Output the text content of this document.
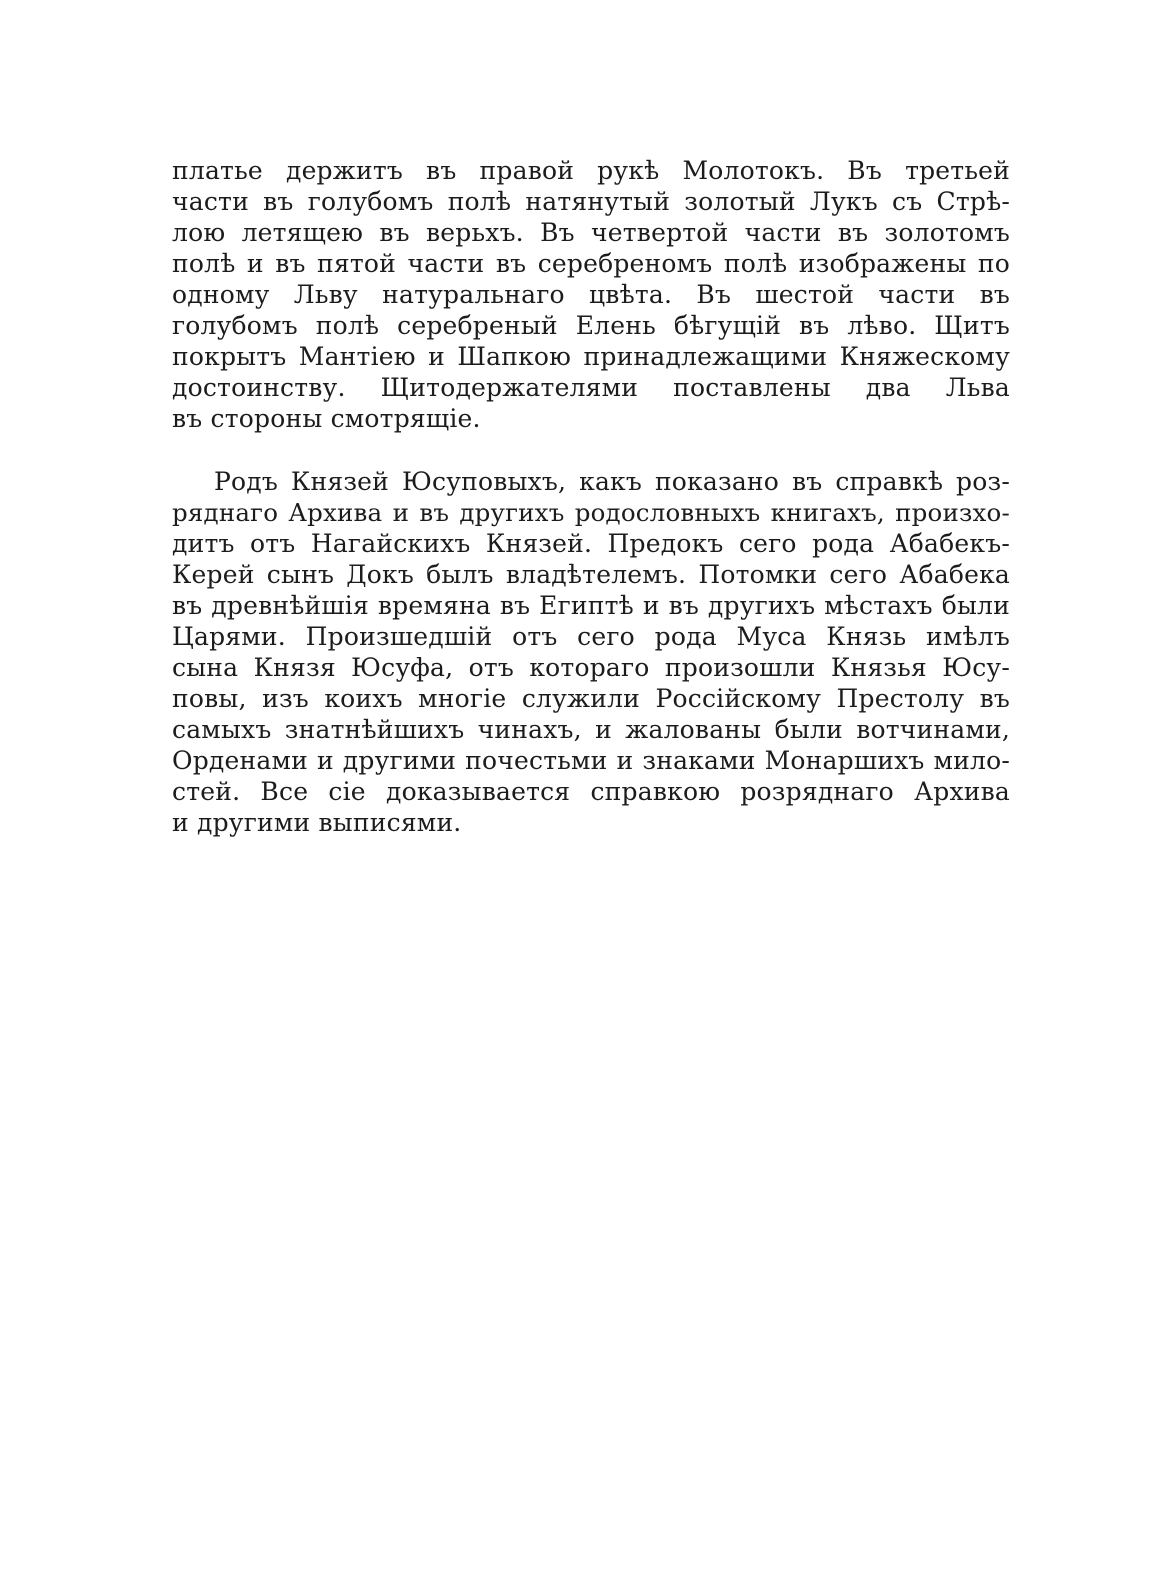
платье держитъ въ правой рукѣ Молотокъ. Въ третьей
части въ голубомъ полѣ натянутый золотый Лукъ съ Стрѣ-
лою летящею въ верьхъ. Въ четвертой части въ золотомъ
полѣ и въ пятой части въ серебреномъ полѣ изображены по
одному Льву натуральнаго цвѣта. Въ шестой части въ
голубомъ полѣ серебреный Елень бѣгущій въ лѣво. Щитъ
покрытъ Мантіею и Шапкою принадлежащими Княжескому
достоинству. Щитодержателями поставлены два Льва
въ стороны смотрящіе.
Родъ Князей Юсуповыхъ, какъ показано въ справкѣ роз-
ряднаго Архива и въ другихъ родословныхъ книгахъ, произхо-
дитъ отъ Нагайскихъ Князей. Предокъ сего рода Абабекъ-
Керей сынъ Докъ былъ владѣтелемъ. Потомки сего Абабека
въ древнѣйшія времяна въ Египтѣ и въ другихъ мѣстахъ были
Царями. Произшедшій отъ сего рода Муса Князь имѣлъ
сына Князя Юсуфа, отъ котораго произошли Князья Юсу-
повы, изъ коихъ многіе служили Россійскому Престолу въ
самыхъ знатнѣйшихъ чинахъ, и жалованы были вотчинами,
Орденами и другими почестьми и знаками Монаршихъ мило-
стей. Все сіе доказывается справкою розряднаго Архива
и другими выписями.
